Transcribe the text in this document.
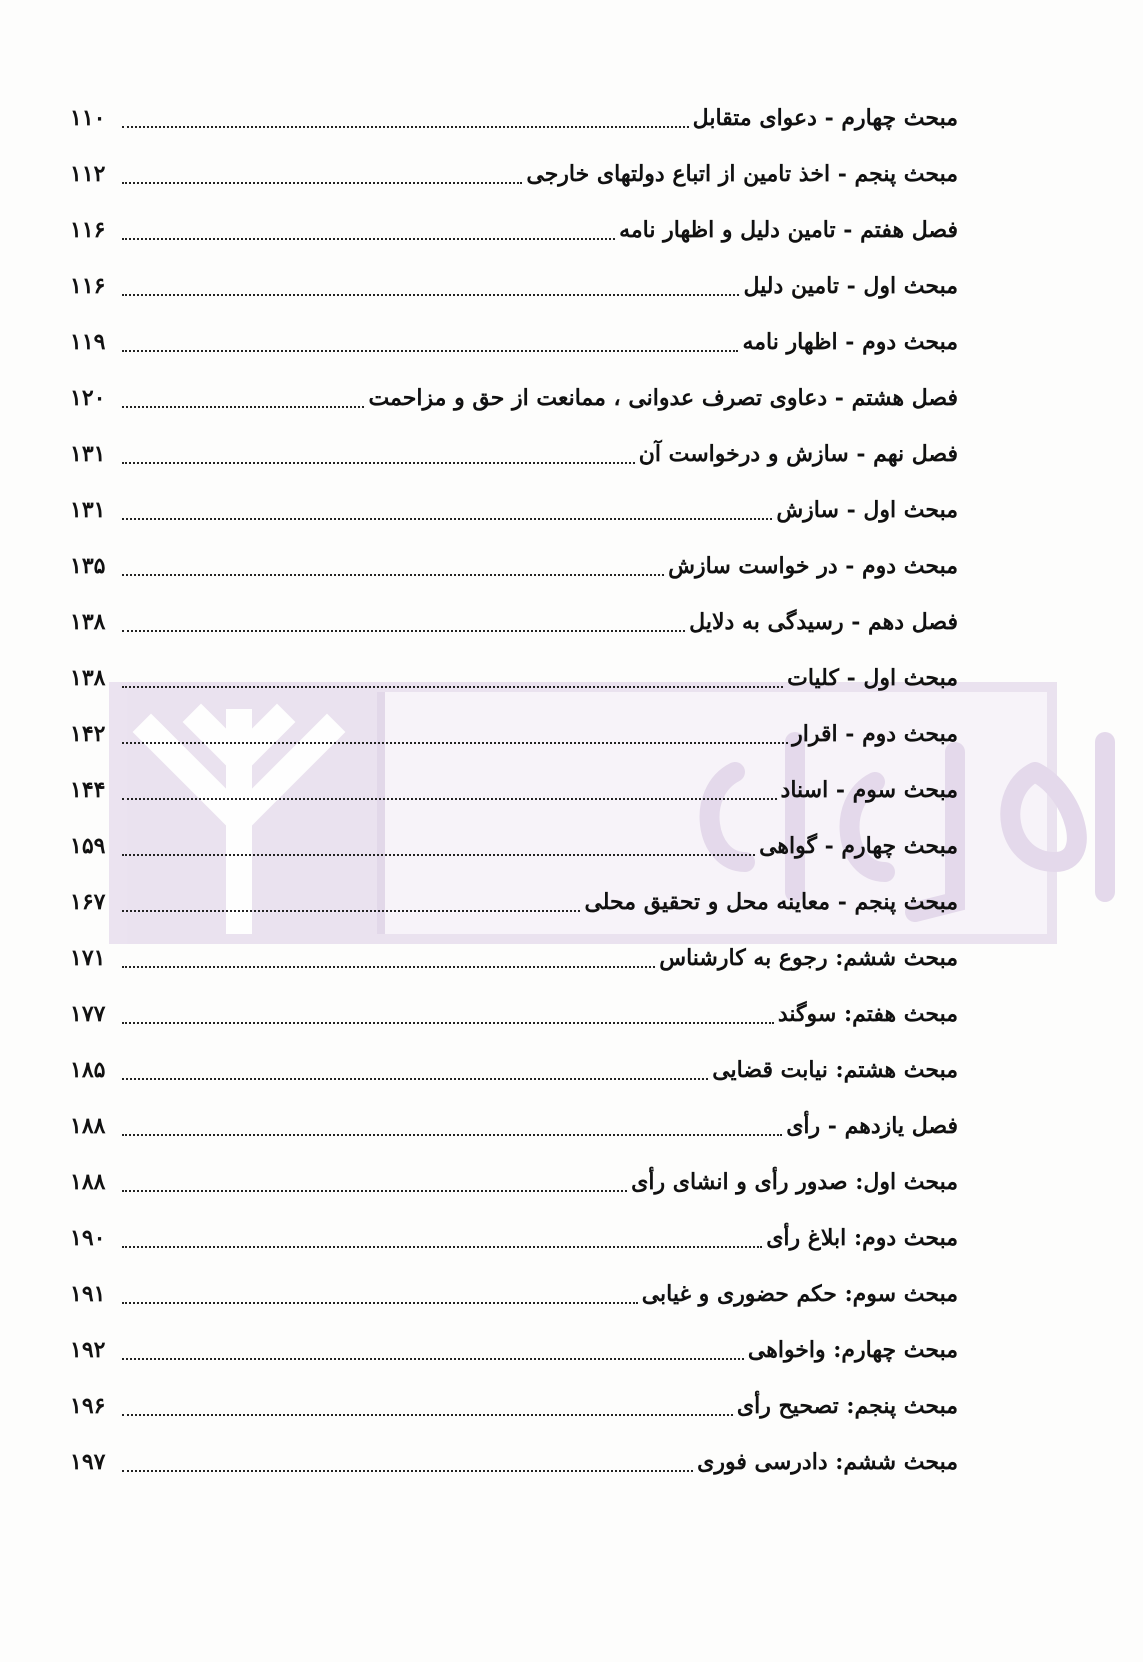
مبحث چهارم - دعوای متقابل
۱۱۰
مبحث پنجم - اخذ تامین از اتباع دولتهای خارجی
۱۱۲
فصل هفتم - تامین دلیل و اظهار نامه
۱۱۶
مبحث اول - تامین دلیل
۱۱۶
مبحث دوم - اظهار نامه
۱۱۹
فصل هشتم - دعاوی تصرف عدوانی ، ممانعت از حق و مزاحمت
۱۲۰
فصل نهم - سازش و درخواست آن
۱۳۱
مبحث اول - سازش
۱۳۱
مبحث دوم - در خواست سازش
۱۳۵
فصل دهم - رسیدگی به دلایل
۱۳۸
مبحث اول - کلیات
۱۳۸
مبحث دوم - اقرار
۱۴۲
مبحث سوم - اسناد
۱۴۴
مبحث چهارم - گواهی
۱۵۹
مبحث پنجم - معاینه محل و تحقیق محلی
۱۶۷
مبحث ششم: رجوع به کارشناس
۱۷۱
مبحث هفتم: سوگند
۱۷۷
مبحث هشتم: نیابت قضایی
۱۸۵
فصل یازدهم - رأی
۱۸۸
مبحث اول: صدور رأی و انشای رأی
۱۸۸
مبحث دوم: ابلاغ رأی
۱۹۰
مبحث سوم: حکم حضوری و غیابی
۱۹۱
مبحث چهارم: واخواهی
۱۹۲
مبحث پنجم: تصحیح رأی
۱۹۶
مبحث ششم: دادرسی فوری
۱۹۷
